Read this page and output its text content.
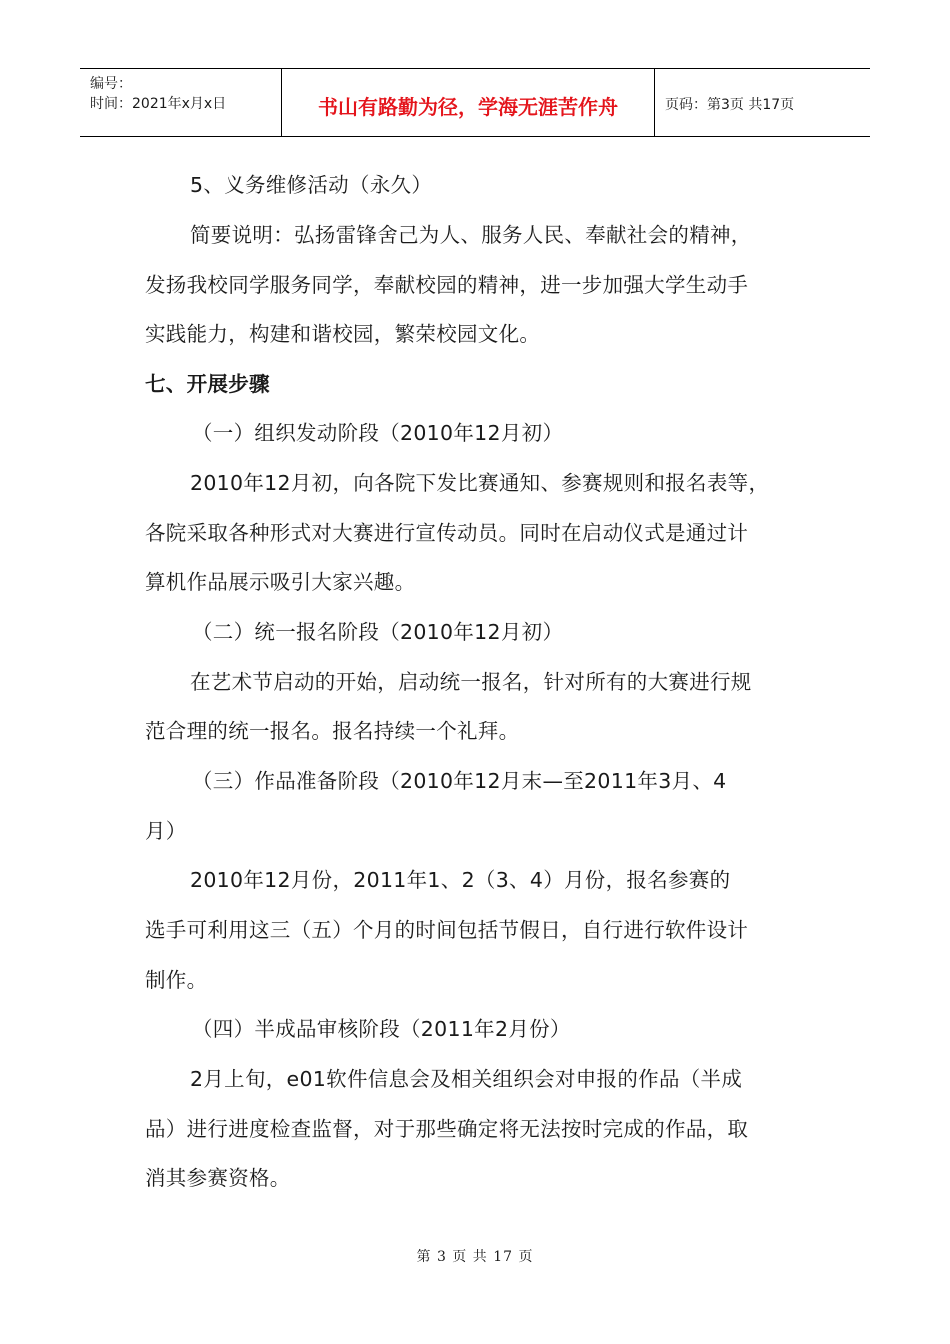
编号：
时间：2021年x月x日	书山有路勤为径，学海无涯苦作舟	页码：第3页 共17页
5、义务维修活动（永久）
简要说明：弘扬雷锋舍己为人、服务人民、奉献社会的精神，
发扬我校同学服务同学，奉献校园的精神，进一步加强大学生动手
实践能力，构建和谐校园，繁荣校园文化。
七、开展步骤
（一）组织发动阶段（2010年12月初）
2010年12月初，向各院下发比赛通知、参赛规则和报名表等，
各院采取各种形式对大赛进行宣传动员。同时在启动仪式是通过计
算机作品展示吸引大家兴趣。
（二）统一报名阶段（2010年12月初）
在艺术节启动的开始，启动统一报名，针对所有的大赛进行规
范合理的统一报名。报名持续一个礼拜。
（三）作品准备阶段（2010年12月末—至2011年3月、4
月）
2010年12月份，2011年1、2（3、4）月份，报名参赛的
选手可利用这三（五）个月的时间包括节假日，自行进行软件设计
制作。
（四）半成品审核阶段（2011年2月份）
2月上旬，e01软件信息会及相关组织会对申报的作品（半成
品）进行进度检查监督，对于那些确定将无法按时完成的作品，取
消其参赛资格。
第 3 页 共 17 页
